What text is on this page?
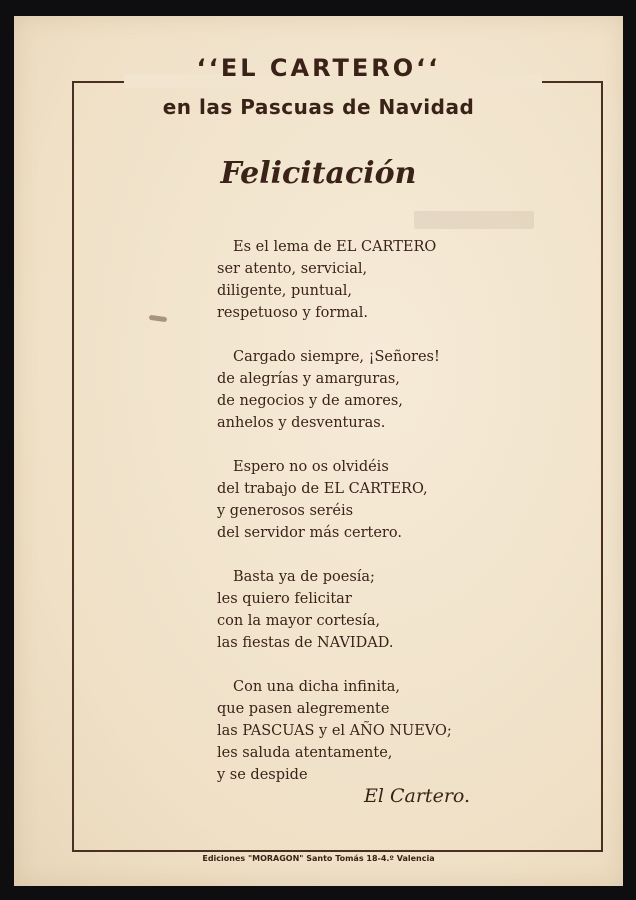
‘‘EL CARTERO‘‘
en las Pascuas de Navidad
Felicitación
Es el lema de EL CARTERO
ser atento, servicial,
diligente, puntual,
respetuoso y formal.
Cargado siempre, ¡Señores!
de alegrías y amarguras,
de negocios y de amores,
anhelos y desventuras.
Espero no os olvidéis
del trabajo de EL CARTERO,
y generosos seréis
del servidor más certero.
Basta ya de poesía;
les quiero felicitar
con la mayor cortesía,
las fiestas de NAVIDAD.
Con una dicha infinita,
que pasen alegremente
las PASCUAS y el AÑO NUEVO;
les saluda atentamente,
y se despide
El Cartero.
Ediciones "MORAGON" Santo Tomás 18-4.º Valencia
